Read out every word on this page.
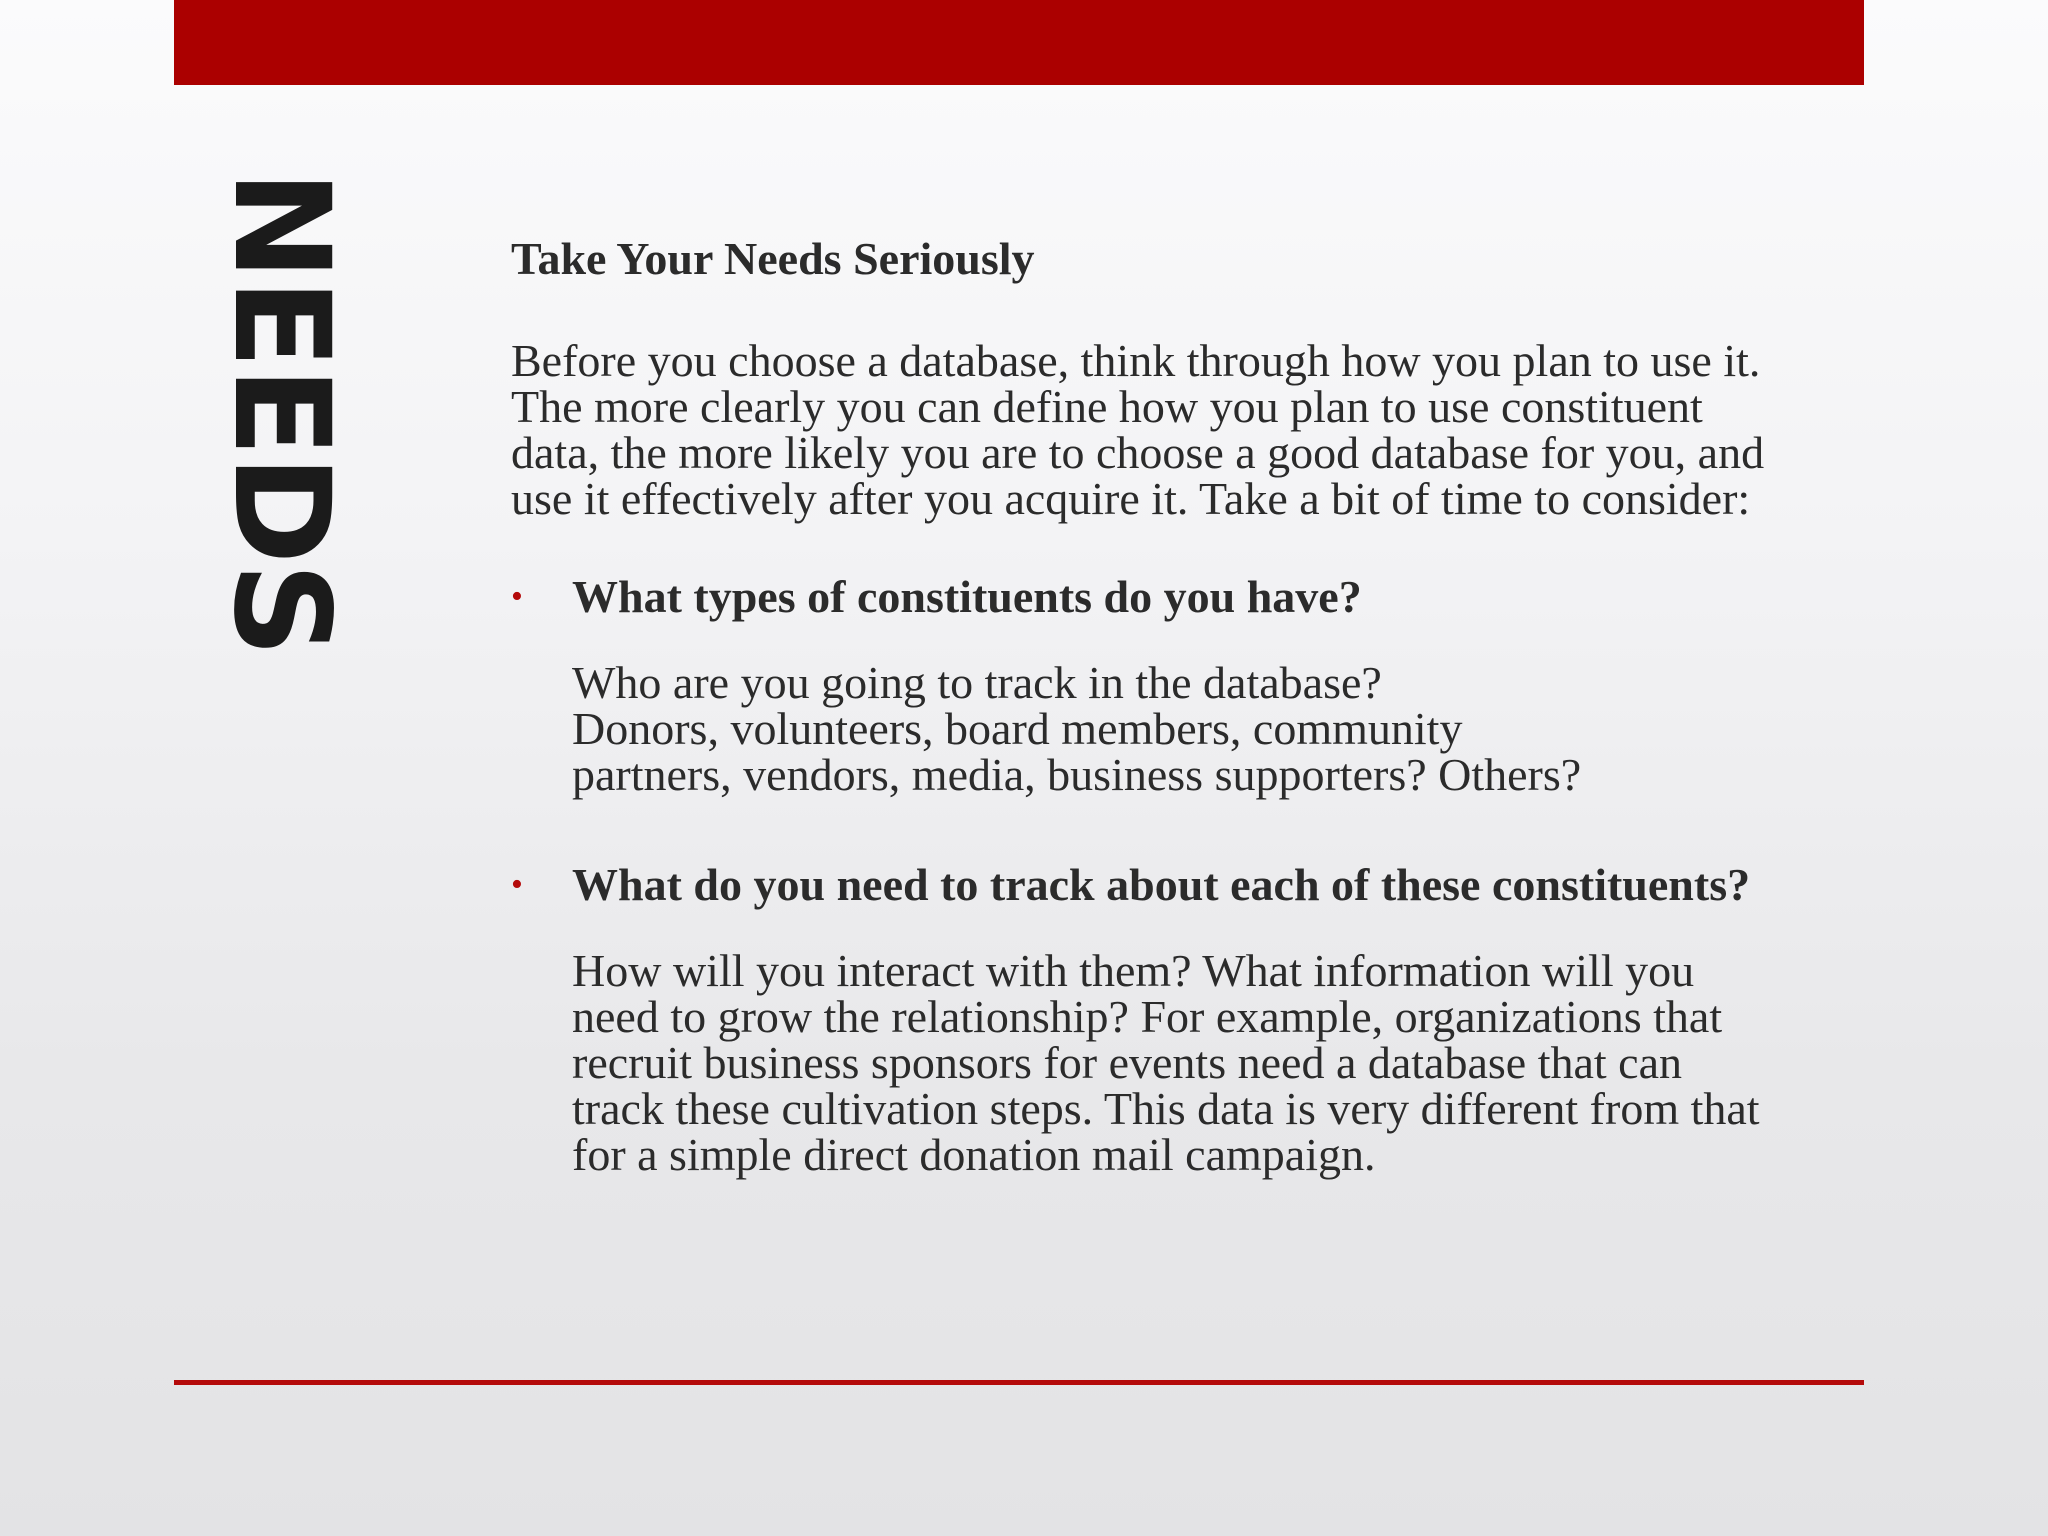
NEEDS	Take Your Needs Seriously
Before you choose a database, think through how you plan to use it.
The more clearly you can define how you plan to use constituent
data, the more likely you are to choose a good database for you, and
use it effectively after you acquire it. Take a bit of time to consider:
•	What types of constituents do you have?
Who are you going to track in the database?
Donors, volunteers, board members, community
partners, vendors, media, business supporters? Others?
•	What do you need to track about each of these constituents?
How will you interact with them? What information will you
need to grow the relationship? For example, organizations that
recruit business sponsors for events need a database that can
track these cultivation steps. This data is very different from that
for a simple direct donation mail campaign.
